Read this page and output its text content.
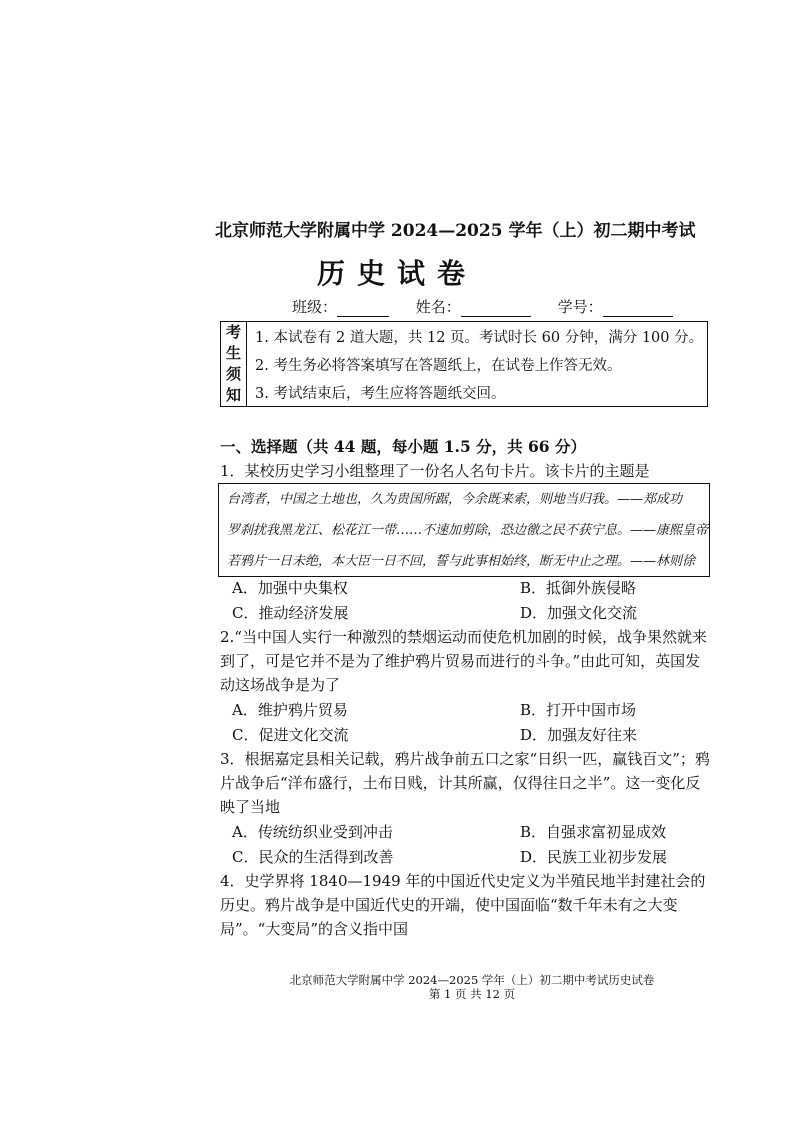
北京师范大学附属中学 2024—2025 学年（上）初二期中考试
历史试卷
班级：	姓名：	学号：
考
生
须
知
1. 本试卷有 2 道大题，共 12 页。考试时长 60 分钟，满分 100 分。
2. 考生务必将答案填写在答题纸上，在试卷上作答无效。
3. 考试结束后，考生应将答题纸交回。
一、选择题（共 44 题，每小题 1.5 分，共 66 分）
1．某校历史学习小组整理了一份名人名句卡片。该卡片的主题是
台湾者，中国之土地也，久为贵国所踞，今余既来索，则地当归我。——郑成功
罗刹扰我黑龙江、松花江一带……不速加剪除，恐边徼之民不获宁息。——康熙皇帝
若鸦片一日未绝，本大臣一日不回，誓与此事相始终，断无中止之理。——林则徐
A．加强中央集权	B．抵御外族侵略
C．推动经济发展	D．加强文化交流
2.“当中国人实行一种激烈的禁烟运动而使危机加剧的时候，战争果然就来到了，可是它并不是为了维护鸦片贸易而进行的斗争。”由此可知，英国发动这场战争是为了
A．维护鸦片贸易	B．打开中国市场
C．促进文化交流	D．加强友好往来
3．根据嘉定县相关记载，鸦片战争前五口之家“日织一匹，赢钱百文”；鸦片战争后“洋布盛行，土布日贱，计其所赢，仅得往日之半”。这一变化反映了当地
A．传统纺织业受到冲击	B．自强求富初显成效
C．民众的生活得到改善	D．民族工业初步发展
4．史学界将 1840—1949 年的中国近代史定义为半殖民地半封建社会的历史。鸦片战争是中国近代史的开端，使中国面临“数千年未有之大变局”。“大变局”的含义指中国
北京师范大学附属中学 2024—2025 学年（上）初二期中考试历史试卷
第 1 页 共 12 页
